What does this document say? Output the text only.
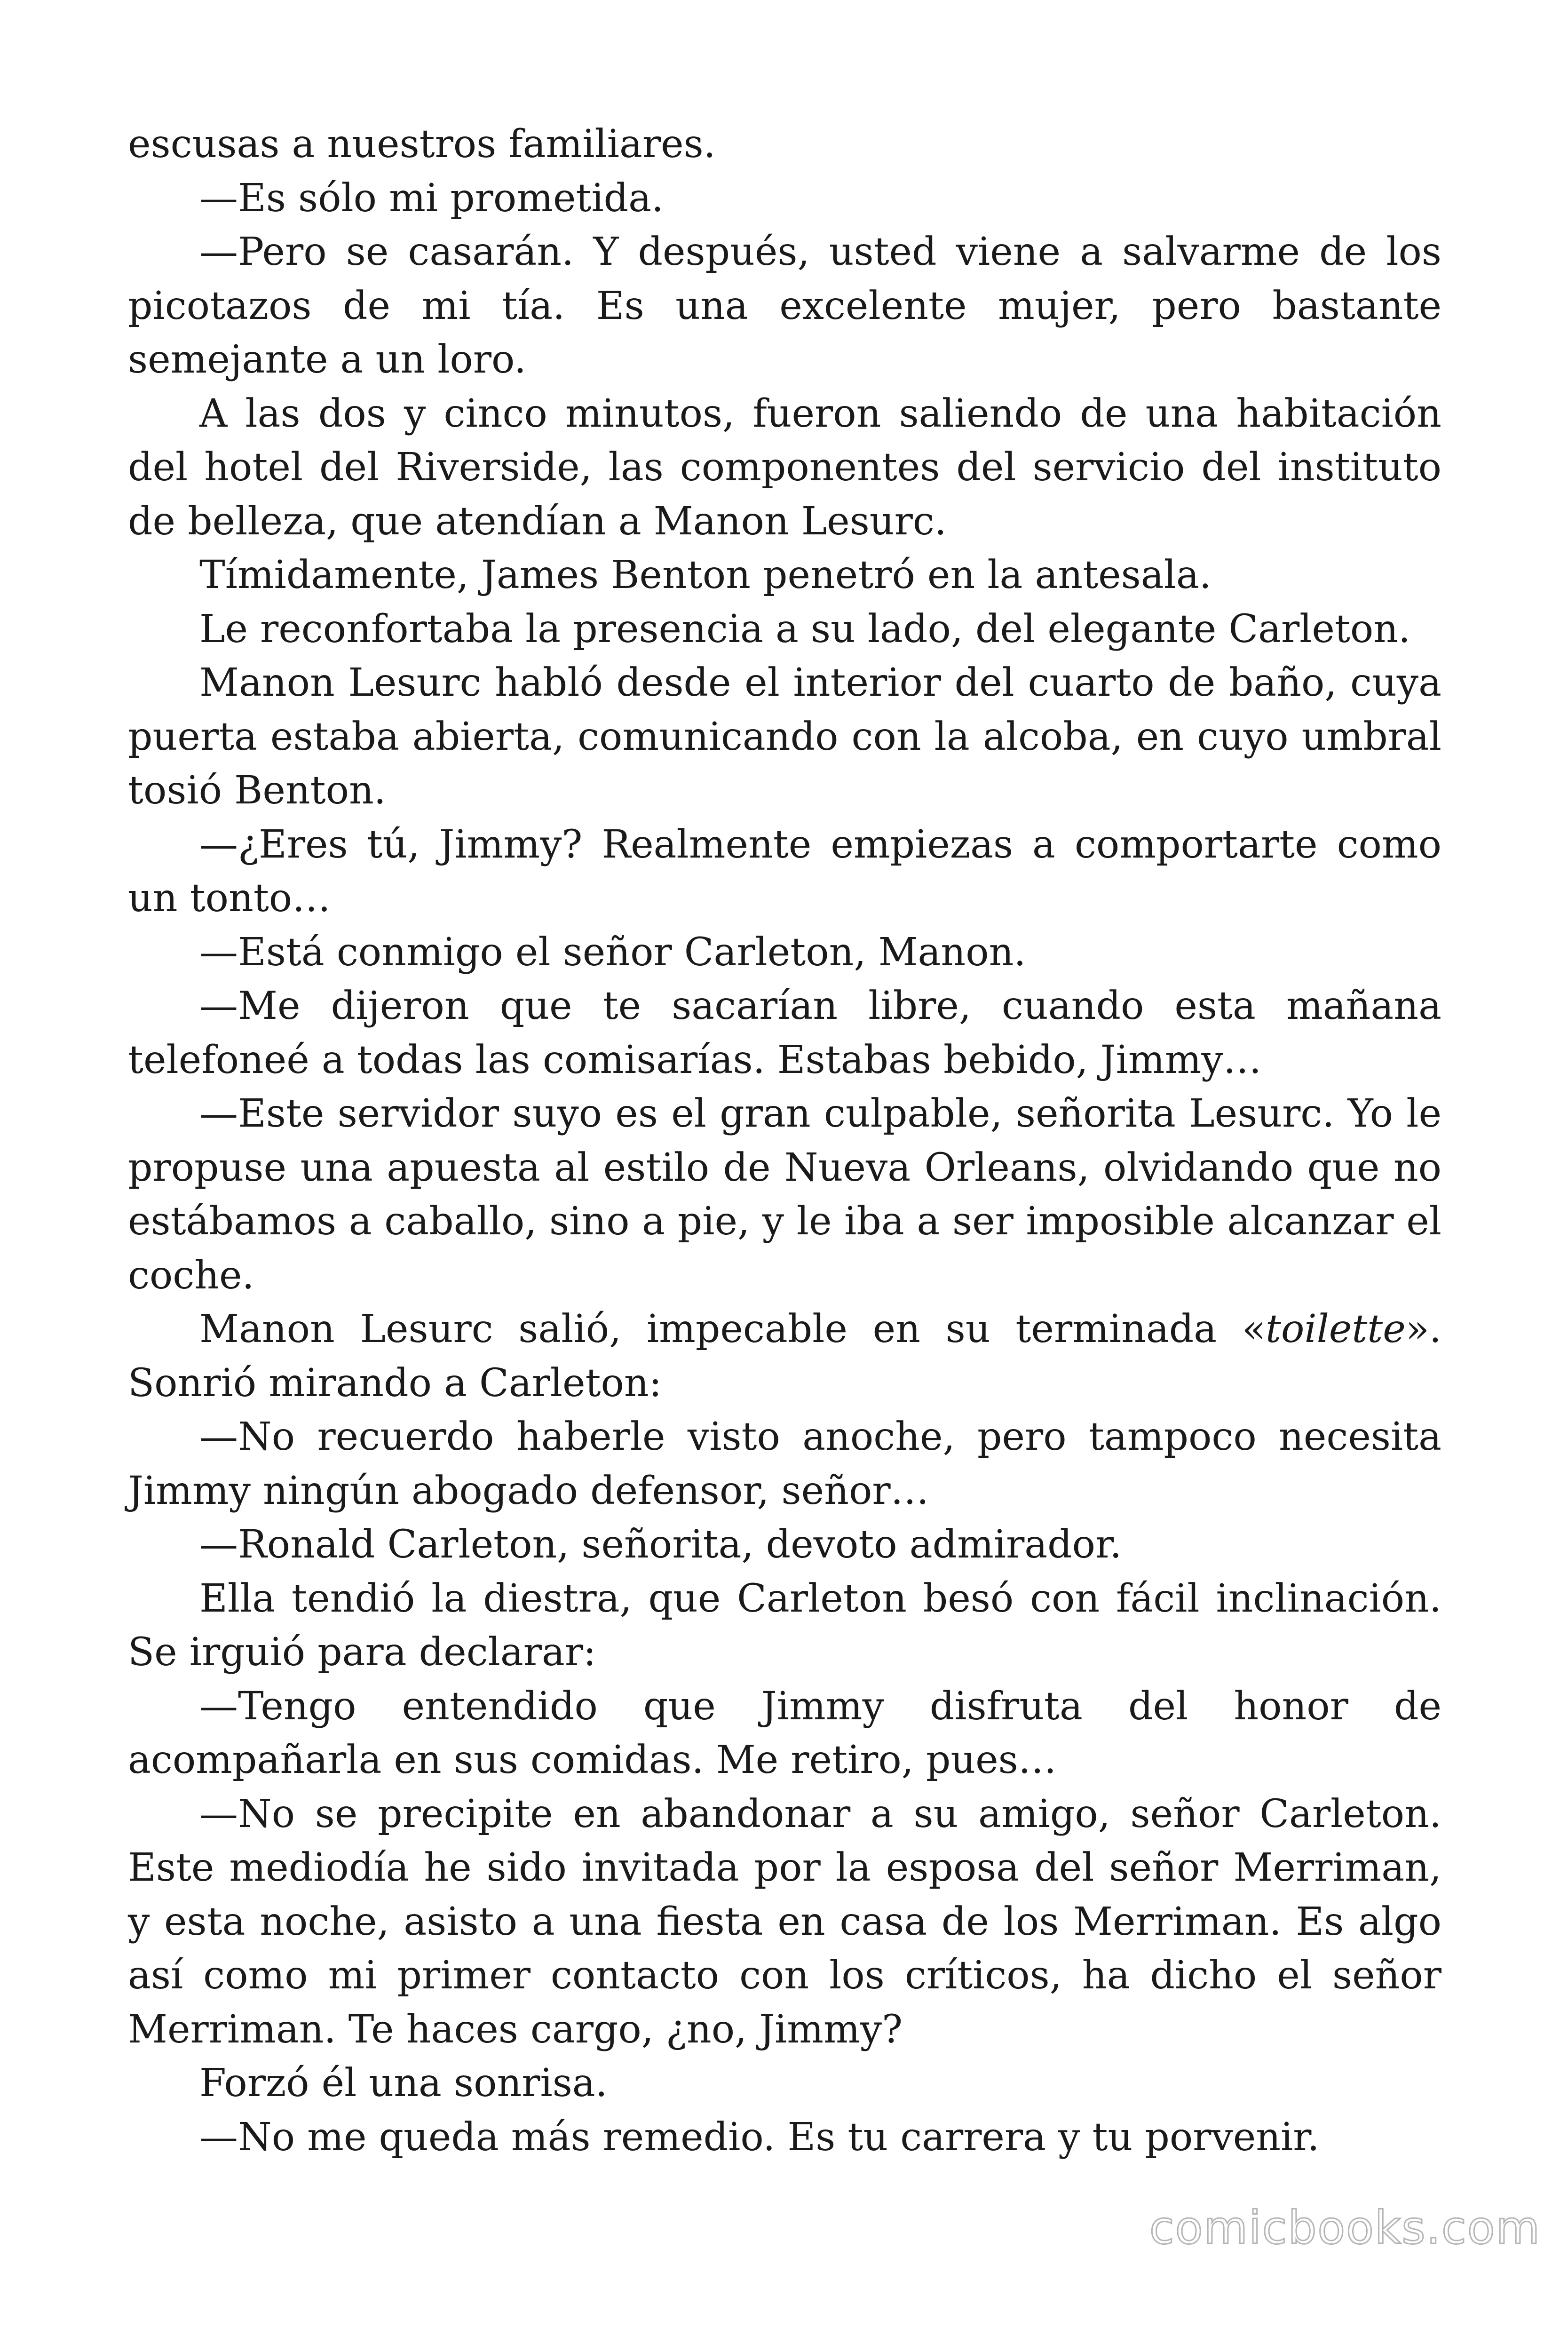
escusas a nuestros familiares.

—Es sólo mi prometida.

—Pero se casarán. Y después, usted viene a salvarme de los picotazos de mi tía. Es una excelente mujer, pero bastante semejante a un loro.

A las dos y cinco minutos, fueron saliendo de una habitación del hotel del Riverside, las componentes del servicio del instituto de belleza, que atendían a Manon Lesurc.

Tímidamente, James Benton penetró en la antesala.

Le reconfortaba la presencia a su lado, del elegante Carleton.

Manon Lesurc habló desde el interior del cuarto de baño, cuya puerta estaba abierta, comunicando con la alcoba, en cuyo umbral tosió Benton.

—¿Eres tú, Jimmy? Realmente empiezas a comportarte como un tonto…

—Está conmigo el señor Carleton, Manon.

—Me dijeron que te sacarían libre, cuando esta mañana telefoneé a todas las comisarías. Estabas bebido, Jimmy…

—Este servidor suyo es el gran culpable, señorita Lesurc. Yo le propuse una apuesta al estilo de Nueva Orleans, olvidando que no estábamos a caballo, sino a pie, y le iba a ser imposible alcanzar el coche.

Manon Lesurc salió, impecable en su terminada «toilette». Sonrió mirando a Carleton:

—No recuerdo haberle visto anoche, pero tampoco necesita Jimmy ningún abogado defensor, señor…

—Ronald Carleton, señorita, devoto admirador.

Ella tendió la diestra, que Carleton besó con fácil inclinación. Se irguió para declarar:

—Tengo entendido que Jimmy disfruta del honor de acompañarla en sus comidas. Me retiro, pues…

—No se precipite en abandonar a su amigo, señor Carleton. Este mediodía he sido invitada por la esposa del señor Merriman, y esta noche, asisto a una fiesta en casa de los Merriman. Es algo así como mi primer contacto con los críticos, ha dicho el señor Merriman. Te haces cargo, ¿no, Jimmy?

Forzó él una sonrisa.

—No me queda más remedio. Es tu carrera y tu porvenir.

comicbooks.com
